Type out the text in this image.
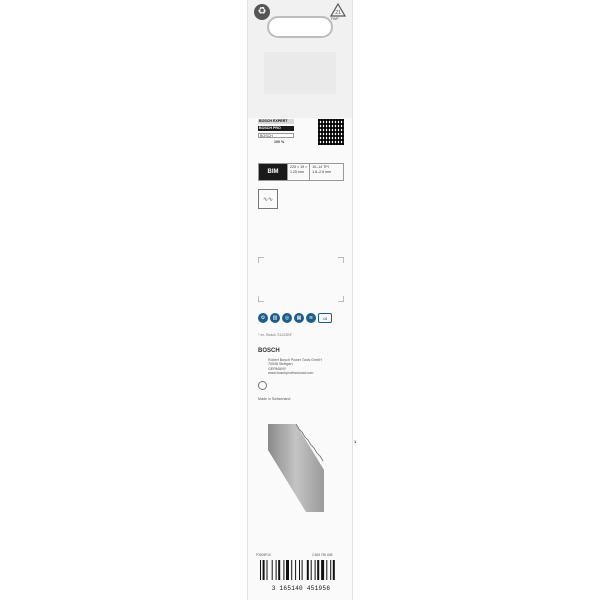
♻	21
PAP
BOSCH EXPERT
BOSCH PRO
BOSCH
100 %
BIM
225 × 19 ×
1.25 mm
10–14 TPI
1.8–2.6 mm
∿∿
⚙	▥	◎	▦	≋	≤8
* ex. Bosch S1122BF
BOSCH
Robert Bosch Power Tools GmbH
70538 Stuttgart
GERMANY
www.boschprofessional.com
Made in Switzerland
1
P3009F10	2 608 750 608
3 165140 451956
